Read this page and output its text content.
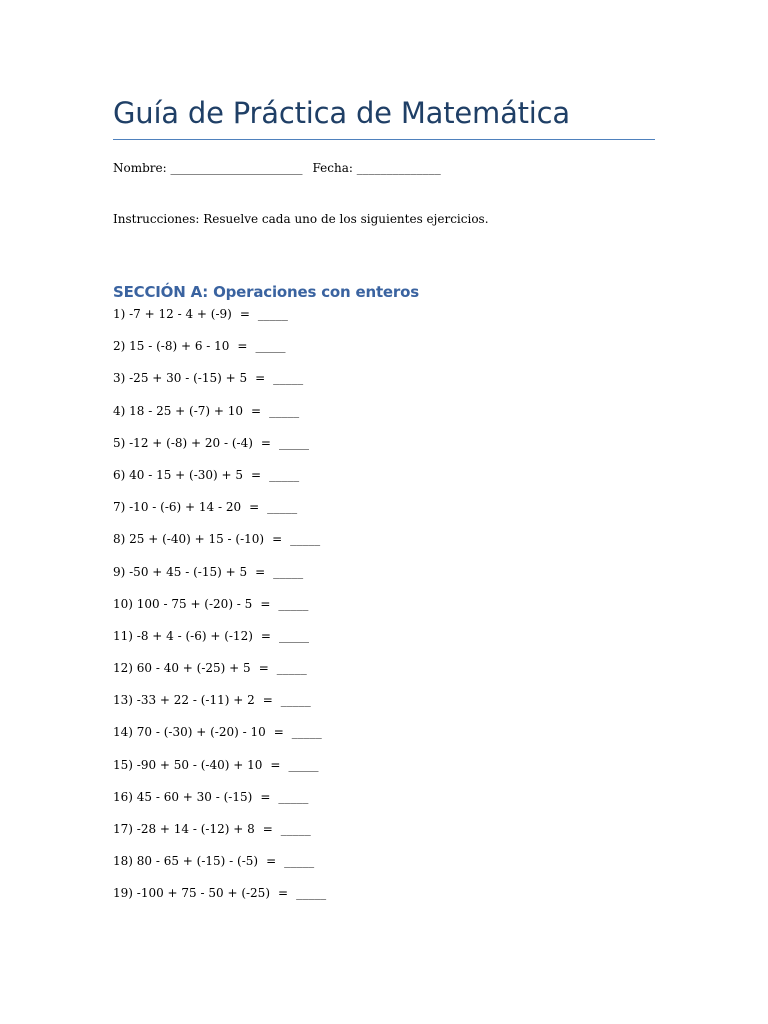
Guía de Práctica de Matemática
Nombre: ______________________ Fecha: ______________
Instrucciones: Resuelve cada uno de los siguientes ejercicios.
SECCIÓN A: Operaciones con enteros
1) -7 + 12 - 4 + (-9) = _____
2) 15 - (-8) + 6 - 10 = _____
3) -25 + 30 - (-15) + 5 = _____
4) 18 - 25 + (-7) + 10 = _____
5) -12 + (-8) + 20 - (-4) = _____
6) 40 - 15 + (-30) + 5 = _____
7) -10 - (-6) + 14 - 20 = _____
8) 25 + (-40) + 15 - (-10) = _____
9) -50 + 45 - (-15) + 5 = _____
10) 100 - 75 + (-20) - 5 = _____
11) -8 + 4 - (-6) + (-12) = _____
12) 60 - 40 + (-25) + 5 = _____
13) -33 + 22 - (-11) + 2 = _____
14) 70 - (-30) + (-20) - 10 = _____
15) -90 + 50 - (-40) + 10 = _____
16) 45 - 60 + 30 - (-15) = _____
17) -28 + 14 - (-12) + 8 = _____
18) 80 - 65 + (-15) - (-5) = _____
19) -100 + 75 - 50 + (-25) = _____
